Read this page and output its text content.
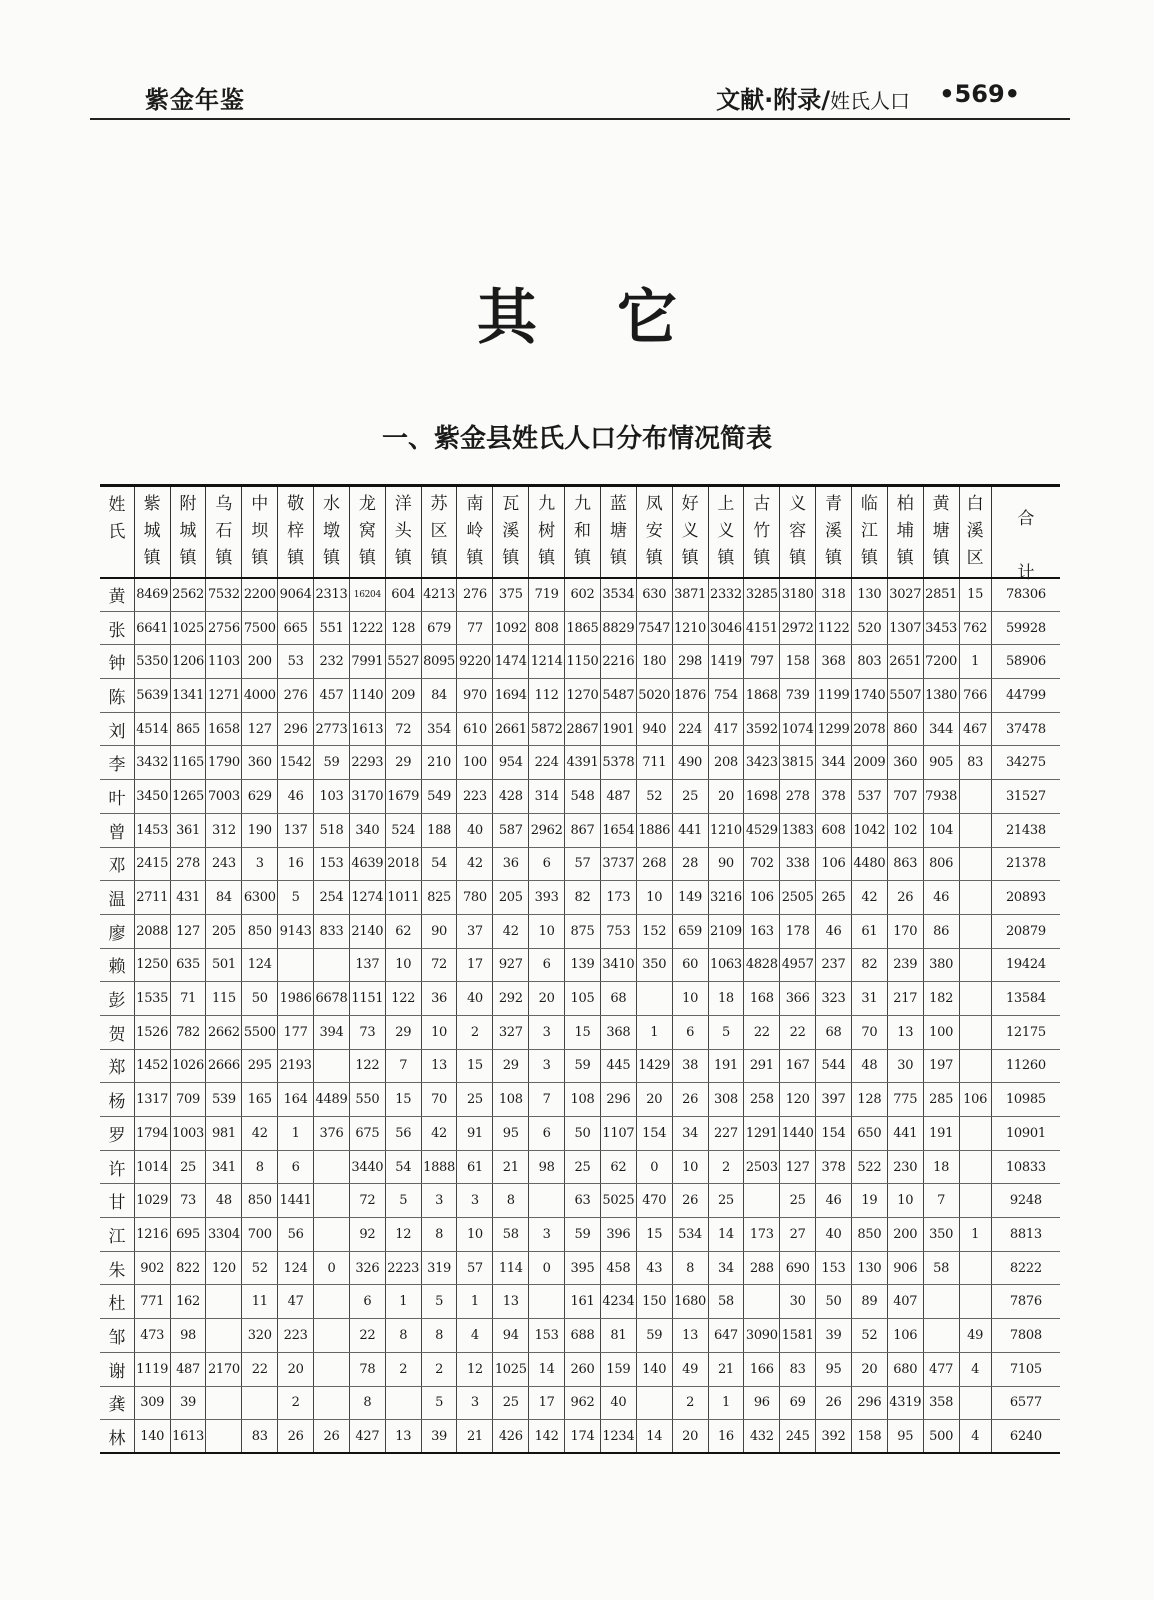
紫金年鉴	文献·附录/姓氏人口 •569•
其它
一、紫金县姓氏人口分布情况简表
姓氏	紫城镇	附城镇	乌石镇	中坝镇	敬梓镇	水墩镇	龙窝镇	洋头镇	苏区镇	南岭镇	瓦溪镇	九树镇	九和镇	蓝塘镇	凤安镇	好义镇	上义镇	古竹镇	义容镇	青溪镇	临江镇	柏埔镇	黄塘镇	白溪区	合计

黄	8469	2562	7532	2200	9064	2313	16204	604	4213	276	375	719	602	3534	630	3871	2332	3285	3180	318	130	3027	2851	15	78306
张	6641	1025	2756	7500	665	551	1222	128	679	77	1092	808	1865	8829	7547	1210	3046	4151	2972	1122	520	1307	3453	762	59928
钟	5350	1206	1103	200	53	232	7991	5527	8095	9220	1474	1214	1150	2216	180	298	1419	797	158	368	803	2651	7200	1	58906
陈	5639	1341	1271	4000	276	457	1140	209	84	970	1694	112	1270	5487	5020	1876	754	1868	739	1199	1740	5507	1380	766	44799
刘	4514	865	1658	127	296	2773	1613	72	354	610	2661	5872	2867	1901	940	224	417	3592	1074	1299	2078	860	344	467	37478
李	3432	1165	1790	360	1542	59	2293	29	210	100	954	224	4391	5378	711	490	208	3423	3815	344	2009	360	905	83	34275
叶	3450	1265	7003	629	46	103	3170	1679	549	223	428	314	548	487	52	25	20	1698	278	378	537	707	7938		31527
曾	1453	361	312	190	137	518	340	524	188	40	587	2962	867	1654	1886	441	1210	4529	1383	608	1042	102	104		21438
邓	2415	278	243	3	16	153	4639	2018	54	42	36	6	57	3737	268	28	90	702	338	106	4480	863	806		21378
温	2711	431	84	6300	5	254	1274	1011	825	780	205	393	82	173	10	149	3216	106	2505	265	42	26	46		20893
廖	2088	127	205	850	9143	833	2140	62	90	37	42	10	875	753	152	659	2109	163	178	46	61	170	86		20879
赖	1250	635	501	124			137	10	72	17	927	6	139	3410	350	60	1063	4828	4957	237	82	239	380		19424
彭	1535	71	115	50	1986	6678	1151	122	36	40	292	20	105	68		10	18	168	366	323	31	217	182		13584
贺	1526	782	2662	5500	177	394	73	29	10	2	327	3	15	368	1	6	5	22	22	68	70	13	100		12175
郑	1452	1026	2666	295	2193		122	7	13	15	29	3	59	445	1429	38	191	291	167	544	48	30	197		11260
杨	1317	709	539	165	164	4489	550	15	70	25	108	7	108	296	20	26	308	258	120	397	128	775	285	106	10985
罗	1794	1003	981	42	1	376	675	56	42	91	95	6	50	1107	154	34	227	1291	1440	154	650	441	191		10901
许	1014	25	341	8	6		3440	54	1888	61	21	98	25	62	0	10	2	2503	127	378	522	230	18		10833
甘	1029	73	48	850	1441		72	5	3	3	8		63	5025	470	26	25		25	46	19	10	7		9248
江	1216	695	3304	700	56		92	12	8	10	58	3	59	396	15	534	14	173	27	40	850	200	350	1	8813
朱	902	822	120	52	124	0	326	2223	319	57	114	0	395	458	43	8	34	288	690	153	130	906	58		8222
杜	771	162		11	47		6	1	5	1	13		161	4234	150	1680	58		30	50	89	407			7876
邹	473	98		320	223		22	8	8	4	94	153	688	81	59	13	647	3090	1581	39	52	106		49	7808
谢	1119	487	2170	22	20		78	2	2	12	1025	14	260	159	140	49	21	166	83	95	20	680	477	4	7105
龚	309	39			2		8		5	3	25	17	962	40		2	1	96	69	26	296	4319	358		6577
林	140	1613		83	26	26	427	13	39	21	426	142	174	1234	14	20	16	432	245	392	158	95	500	4	6240
